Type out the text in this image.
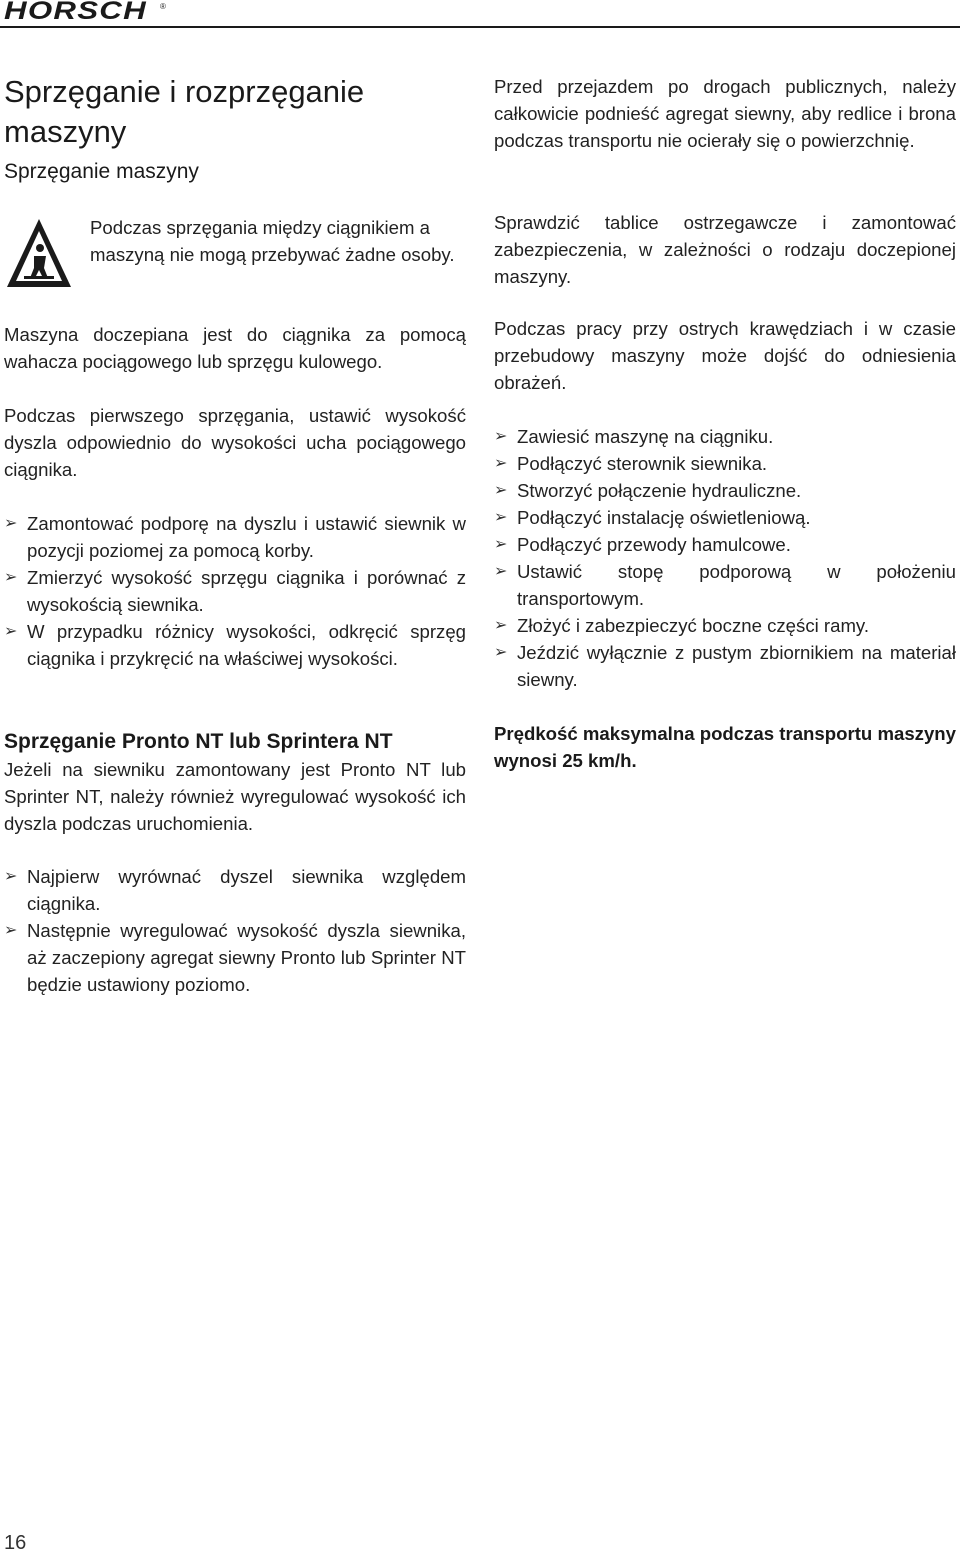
HORSCH ®
Sprzęganie i rozprzęganie maszyny
Sprzęganie maszyny

Podczas sprzęgania między ciągnikiem a maszyną nie mogą przebywać żadne osoby.

Maszyna doczepiana jest do ciągnika za pomocą wahacza pociągowego lub sprzęgu kulowego.

Podczas pierwszego sprzęgania, ustawić wysokość dyszla odpowiednio do wysokości ucha pociągowego ciągnika.

➢ Zamontować podporę na dyszlu i ustawić siewnik w pozycji poziomej za pomocą korby.
➢ Zmierzyć wysokość sprzęgu ciągnika i porównać z wysokością siewnika.
➢ W przypadku różnicy wysokości, odkręcić sprzęg ciągnika i przykręcić na właściwej wysokości.
Sprzęganie Pronto NT lub Sprintera NT

Jeżeli na siewniku zamontowany jest Pronto NT lub Sprinter NT, należy również wyregulować wysokość ich dyszla podczas uruchomienia.

➢ Najpierw wyrównać dyszel siewnika względem ciągnika.
➢ Następnie wyregulować wysokość dyszla siewnika, aż zaczepiony agregat siewny Pronto lub Sprinter NT będzie ustawiony poziomo.

Przed przejazdem po drogach publicznych, należy całkowicie podnieść agregat siewny, aby redlice i brona podczas transportu nie ocierały się o powierzchnię.

Sprawdzić tablice ostrzegawcze i zamontować zabezpieczenia, w zależności o rodzaju doczepionej maszyny.

Podczas pracy przy ostrych krawędziach i w czasie przebudowy maszyny może dojść do odniesienia obrażeń.

➢ Zawiesić maszynę na ciągniku.
➢ Podłączyć sterownik siewnika.
➢ Stworzyć połączenie hydrauliczne.
➢ Podłączyć instalację oświetleniową.
➢ Podłączyć przewody hamulcowe.
➢ Ustawić stopę podporową w położeniu transportowym.
➢ Złożyć i zabezpieczyć boczne części ramy.
➢ Jeździć wyłącznie z pustym zbiornikiem na materiał siewny.

Prędkość maksymalna podczas transportu maszyny wynosi 25 km/h.

16
